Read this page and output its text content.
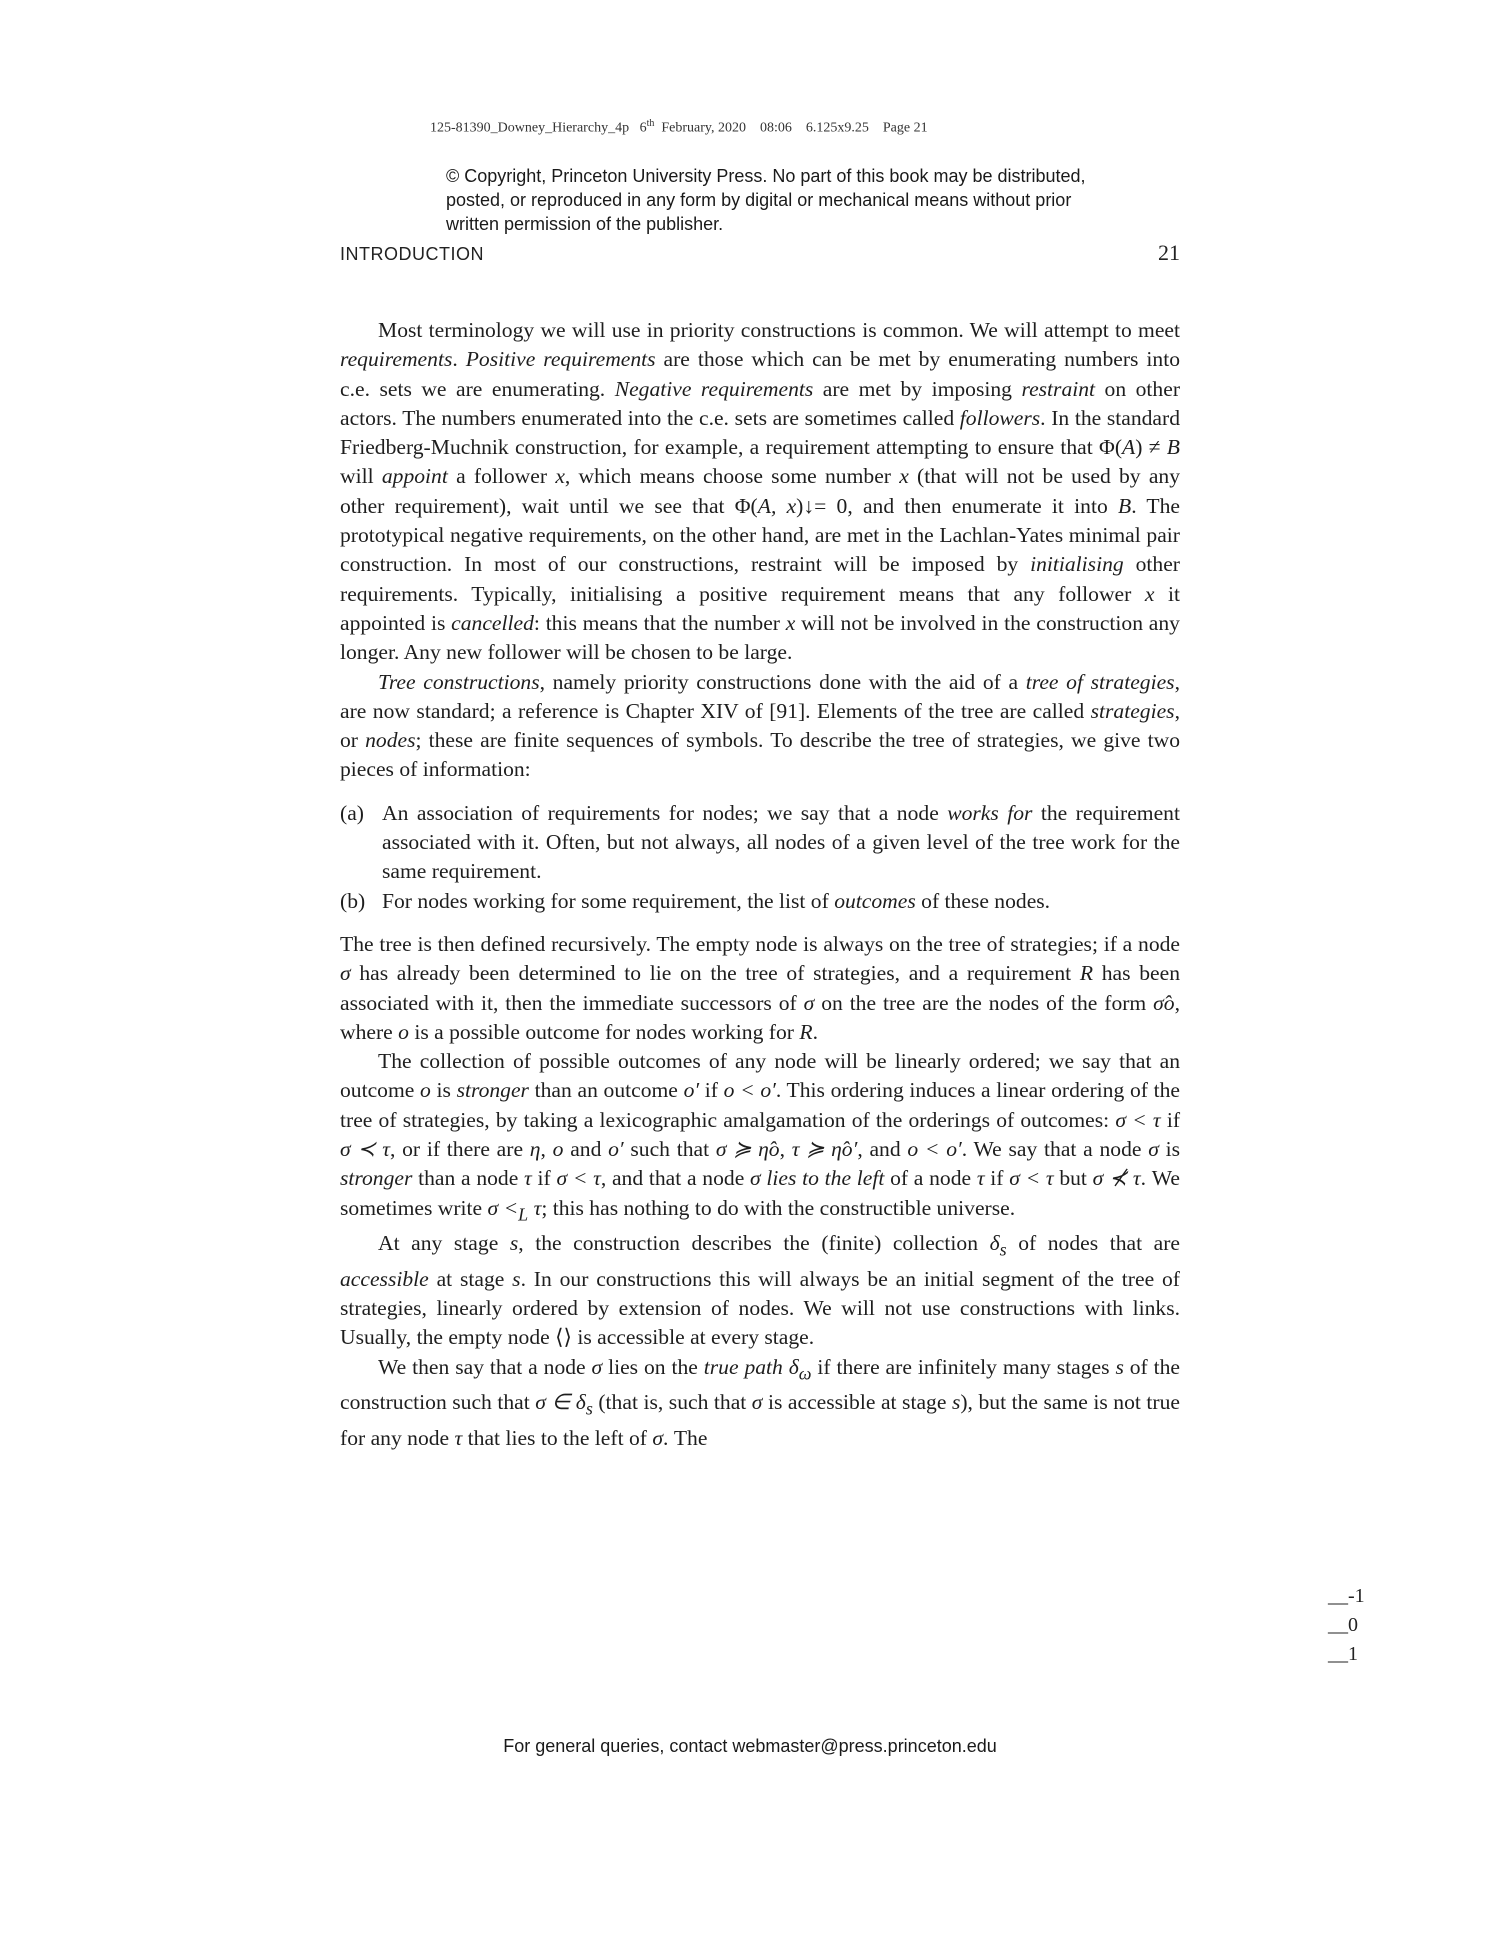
125-81390_Downey_Hierarchy_4p 6th  February, 2020    08:06    6.125x9.25    Page 21
© Copyright, Princeton University Press. No part of this book may be distributed, posted, or reproduced in any form by digital or mechanical means without prior written permission of the publisher.
INTRODUCTION	21

Most terminology we will use in priority constructions is common. We will attempt to meet requirements. Positive requirements are those which can be met by enumerating numbers into c.e. sets we are enumerating. Negative requirements are met by imposing restraint on other actors. The numbers enumerated into the c.e. sets are sometimes called followers. In the standard Friedberg-Muchnik construction, for example, a requirement attempting to ensure that Φ(A) ≠ B will appoint a follower x, which means choose some number x (that will not be used by any other requirement), wait until we see that Φ(A, x)↓= 0, and then enumerate it into B. The prototypical negative requirements, on the other hand, are met in the Lachlan-Yates minimal pair construction. In most of our constructions, restraint will be imposed by initialising other requirements. Typically, initialising a positive requirement means that any follower x it appointed is cancelled: this means that the number x will not be involved in the construction any longer. Any new follower will be chosen to be large.

Tree constructions, namely priority constructions done with the aid of a tree of strategies, are now standard; a reference is Chapter XIV of [91]. Elements of the tree are called strategies, or nodes; these are finite sequences of symbols. To describe the tree of strategies, we give two pieces of information:

(a) An association of requirements for nodes; we say that a node works for the requirement associated with it. Often, but not always, all nodes of a given level of the tree work for the same requirement.
(b) For nodes working for some requirement, the list of outcomes of these nodes.

The tree is then defined recursively. The empty node is always on the tree of strategies; if a node σ has already been determined to lie on the tree of strategies, and a requirement R has been associated with it, then the immediate successors of σ on the tree are the nodes of the form σ̂o, where o is a possible outcome for nodes working for R.

The collection of possible outcomes of any node will be linearly ordered; we say that an outcome o is stronger than an outcome o′ if o < o′. This ordering induces a linear ordering of the tree of strategies, by taking a lexicographic amalgamation of the orderings of outcomes: σ < τ if σ ≺ τ, or if there are η, o and o′ such that σ ≽ η̂o, τ ≽ η̂o′, and o < o′. We say that a node σ is stronger than a node τ if σ < τ, and that a node σ lies to the left of a node τ if σ < τ but σ ⊀ τ. We sometimes write $\sigma <_L$ τ; this has nothing to do with the constructible universe.

At any stage s, the construction describes the (finite) collection $\delta_s$ of nodes that are accessible at stage s. In our constructions this will always be an initial segment of the tree of strategies, linearly ordered by extension of nodes. We will not use constructions with links. Usually, the empty node ⟨⟩ is accessible at every stage.

We then say that a node σ lies on the true path $\delta_\omega$ if there are infinitely many stages s of the construction such that σ ∈ $\delta_s$ (that is, such that σ is accessible at stage s), but the same is not true for any node τ that lies to the left of σ. The

__-1
__0
__1
For general queries, contact webmaster@press.princeton.edu
